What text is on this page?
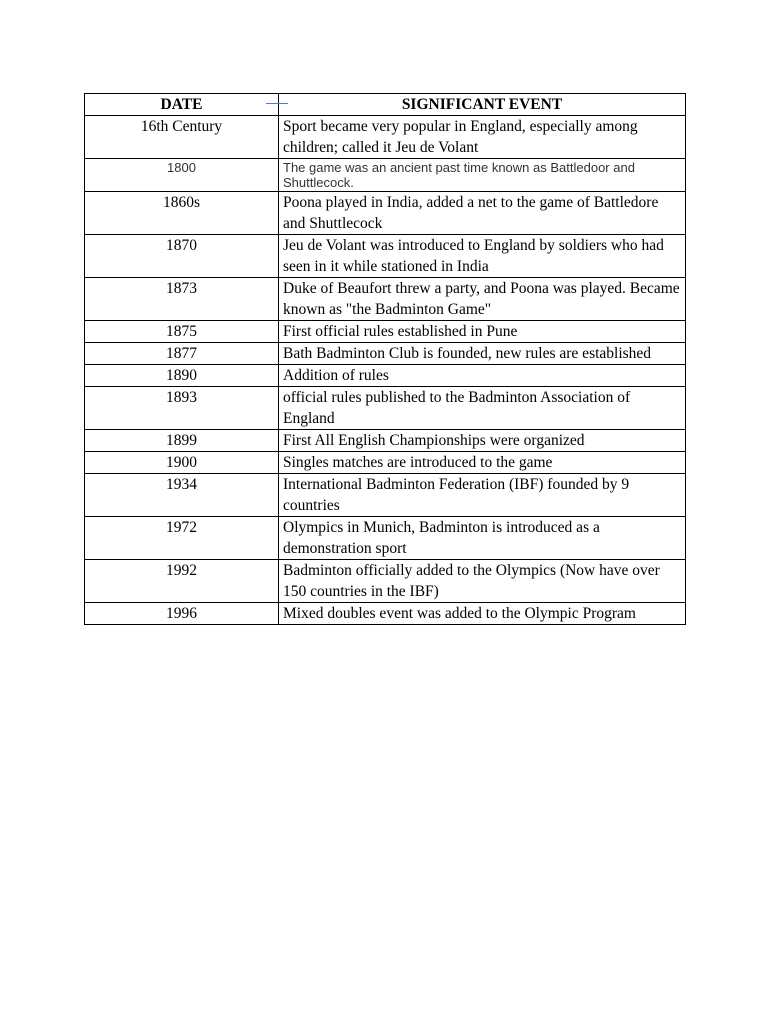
DATE	SIGNIFICANT EVENT
16th Century	Sport became very popular in England, especially among children; called it Jeu de Volant
1800	The game was an ancient past time known as Battledoor and Shuttlecock.
1860s	Poona played in India, added a net to the game of Battledore and Shuttlecock
1870	Jeu de Volant was introduced to England by soldiers who had seen in it while stationed in India
1873	Duke of Beaufort threw a party, and Poona was played. Became known as "the Badminton Game"
1875	First official rules established in Pune
1877	Bath Badminton Club is founded, new rules are established
1890	Addition of rules
1893	official rules published to the Badminton Association of England
1899	First All English Championships were organized
1900	Singles matches are introduced to the game
1934	International Badminton Federation (IBF) founded by 9 countries
1972	Olympics in Munich, Badminton is introduced as a demonstration sport
1992	Badminton officially added to the Olympics (Now have over 150 countries in the IBF)
1996	Mixed doubles event was added to the Olympic Program
